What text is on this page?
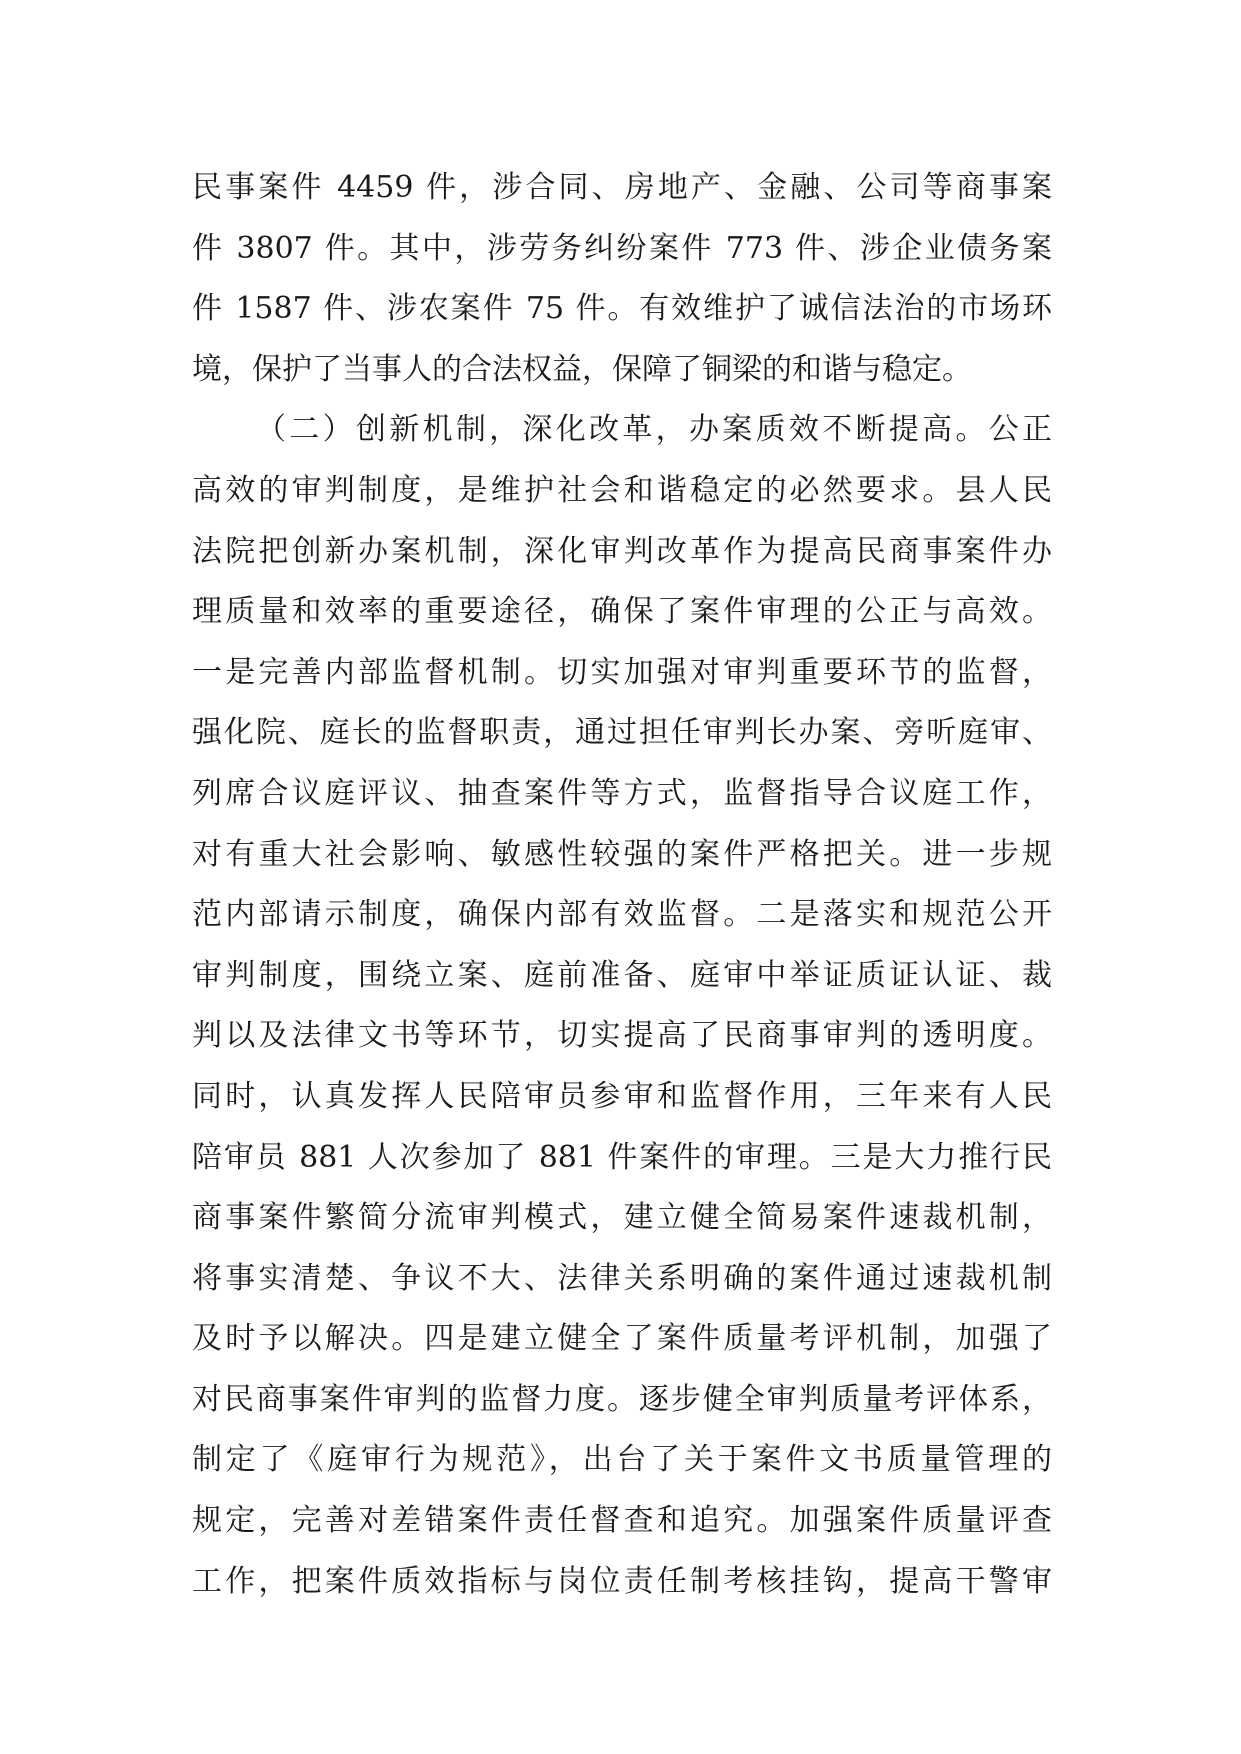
民事案件 4459 件，涉合同、房地产、金融、公司等商事案
件 3807 件。其中，涉劳务纠纷案件 773 件、涉企业债务案
件 1587 件、涉农案件 75 件。有效维护了诚信法治的市场环
境，保护了当事人的合法权益，保障了铜梁的和谐与稳定。
（二）创新机制，深化改革，办案质效不断提高。公正
高效的审判制度，是维护社会和谐稳定的必然要求。县人民
法院把创新办案机制，深化审判改革作为提高民商事案件办
理质量和效率的重要途径，确保了案件审理的公正与高效。
一是完善内部监督机制。切实加强对审判重要环节的监督，
强化院、庭长的监督职责，通过担任审判长办案、旁听庭审、
列席合议庭评议、抽查案件等方式，监督指导合议庭工作，
对有重大社会影响、敏感性较强的案件严格把关。进一步规
范内部请示制度，确保内部有效监督。二是落实和规范公开
审判制度，围绕立案、庭前准备、庭审中举证质证认证、裁
判以及法律文书等环节，切实提高了民商事审判的透明度。
同时，认真发挥人民陪审员参审和监督作用，三年来有人民
陪审员 881 人次参加了 881 件案件的审理。三是大力推行民
商事案件繁简分流审判模式，建立健全简易案件速裁机制，
将事实清楚、争议不大、法律关系明确的案件通过速裁机制
及时予以解决。四是建立健全了案件质量考评机制，加强了
对民商事案件审判的监督力度。逐步健全审判质量考评体系，
制定了《庭审行为规范》，出台了关于案件文书质量管理的
规定，完善对差错案件责任督查和追究。加强案件质量评查
工作，把案件质效指标与岗位责任制考核挂钩，提高干警审
